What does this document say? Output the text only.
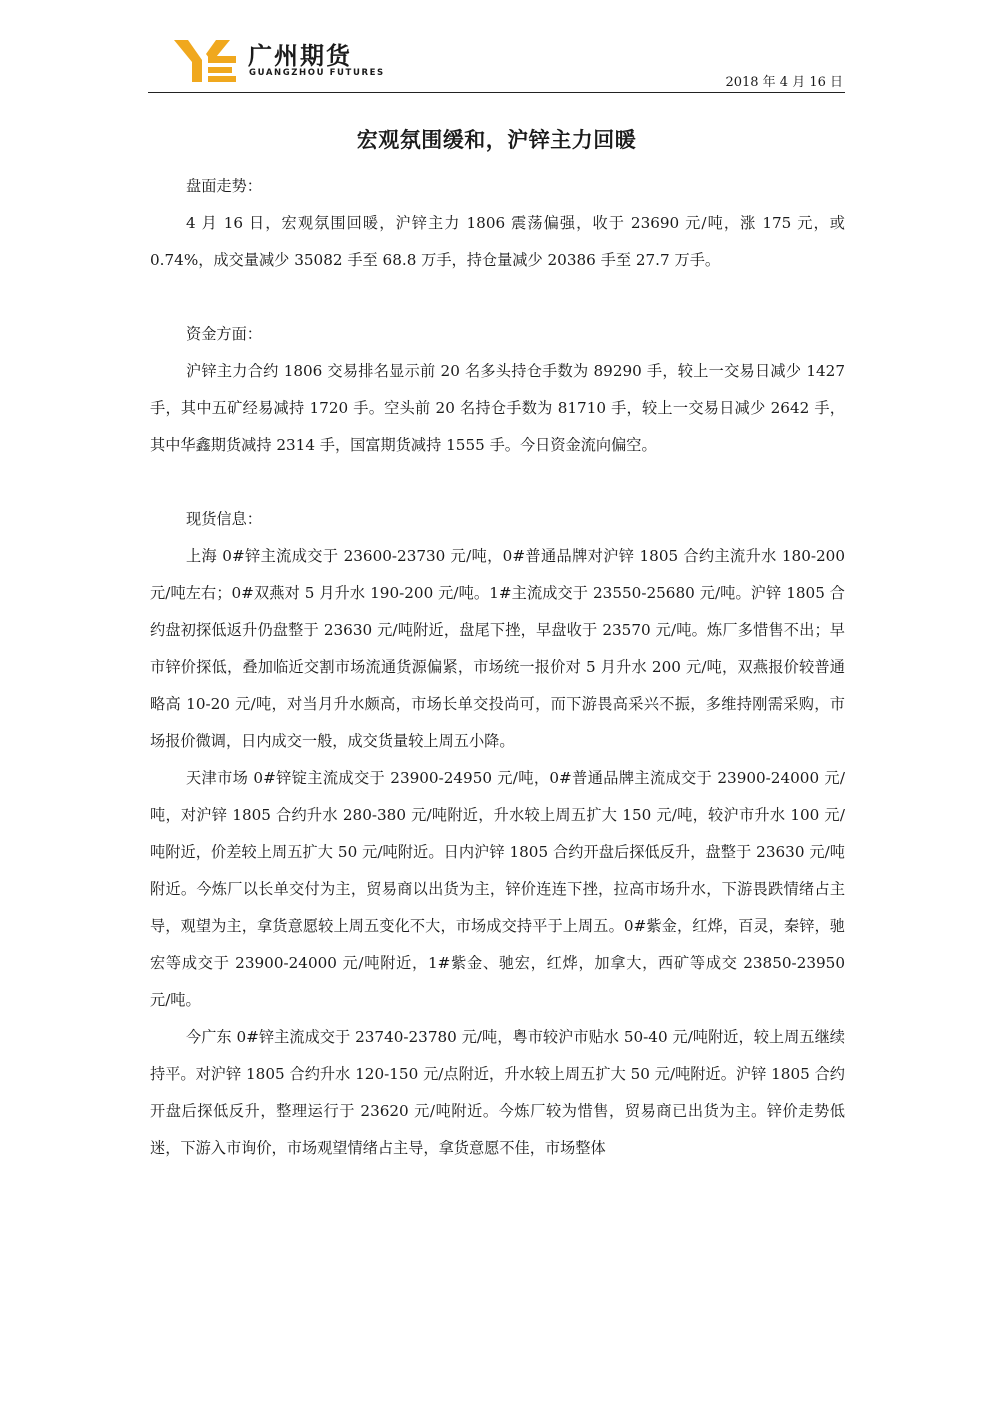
广州期货
GUANGZHOU FUTURES
2018 年 4 月 16 日
宏观氛围缓和，沪锌主力回暖
盘面走势：
4 月 16 日，宏观氛围回暖，沪锌主力 1806 震荡偏强，收于 23690 元/吨，涨 175 元，或 0.74%，成交量减少 35082 手至 68.8 万手，持仓量减少 20386 手至 27.7 万手。
资金方面：
沪锌主力合约 1806 交易排名显示前 20 名多头持仓手数为 89290 手，较上一交易日减少 1427 手，其中五矿经易减持 1720 手。空头前 20 名持仓手数为 81710 手，较上一交易日减少 2642 手，其中华鑫期货减持 2314 手，国富期货减持 1555 手。今日资金流向偏空。
现货信息：
上海 0#锌主流成交于 23600-23730 元/吨，0#普通品牌对沪锌 1805 合约主流升水 180-200 元/吨左右；0#双燕对 5 月升水 190-200 元/吨。1#主流成交于 23550-25680 元/吨。沪锌 1805 合约盘初探低返升仍盘整于 23630 元/吨附近，盘尾下挫，早盘收于 23570 元/吨。炼厂多惜售不出；早市锌价探低，叠加临近交割市场流通货源偏紧，市场统一报价对 5 月升水 200 元/吨，双燕报价较普通略高 10-20 元/吨，对当月升水颇高，市场长单交投尚可，而下游畏高采兴不振，多维持刚需采购，市场报价微调，日内成交一般，成交货量较上周五小降。
天津市场 0#锌锭主流成交于 23900-24950 元/吨，0#普通品牌主流成交于 23900-24000 元/吨，对沪锌 1805 合约升水 280-380 元/吨附近，升水较上周五扩大 150 元/吨，较沪市升水 100 元/吨附近，价差较上周五扩大 50 元/吨附近。日内沪锌 1805 合约开盘后探低反升，盘整于 23630 元/吨附近。今炼厂以长单交付为主，贸易商以出货为主，锌价连连下挫，拉高市场升水，下游畏跌情绪占主导，观望为主，拿货意愿较上周五变化不大，市场成交持平于上周五。0#紫金，红烨，百灵，秦锌，驰宏等成交于 23900-24000 元/吨附近，1#紫金、驰宏，红烨，加拿大，西矿等成交 23850-23950 元/吨。
今广东 0#锌主流成交于 23740-23780 元/吨，粤市较沪市贴水 50-40 元/吨附近，较上周五继续持平。对沪锌 1805 合约升水 120-150 元/点附近，升水较上周五扩大 50 元/吨附近。沪锌 1805 合约开盘后探低反升，整理运行于 23620 元/吨附近。今炼厂较为惜售，贸易商已出货为主。锌价走势低迷，下游入市询价，市场观望情绪占主导，拿货意愿不佳，市场整体
